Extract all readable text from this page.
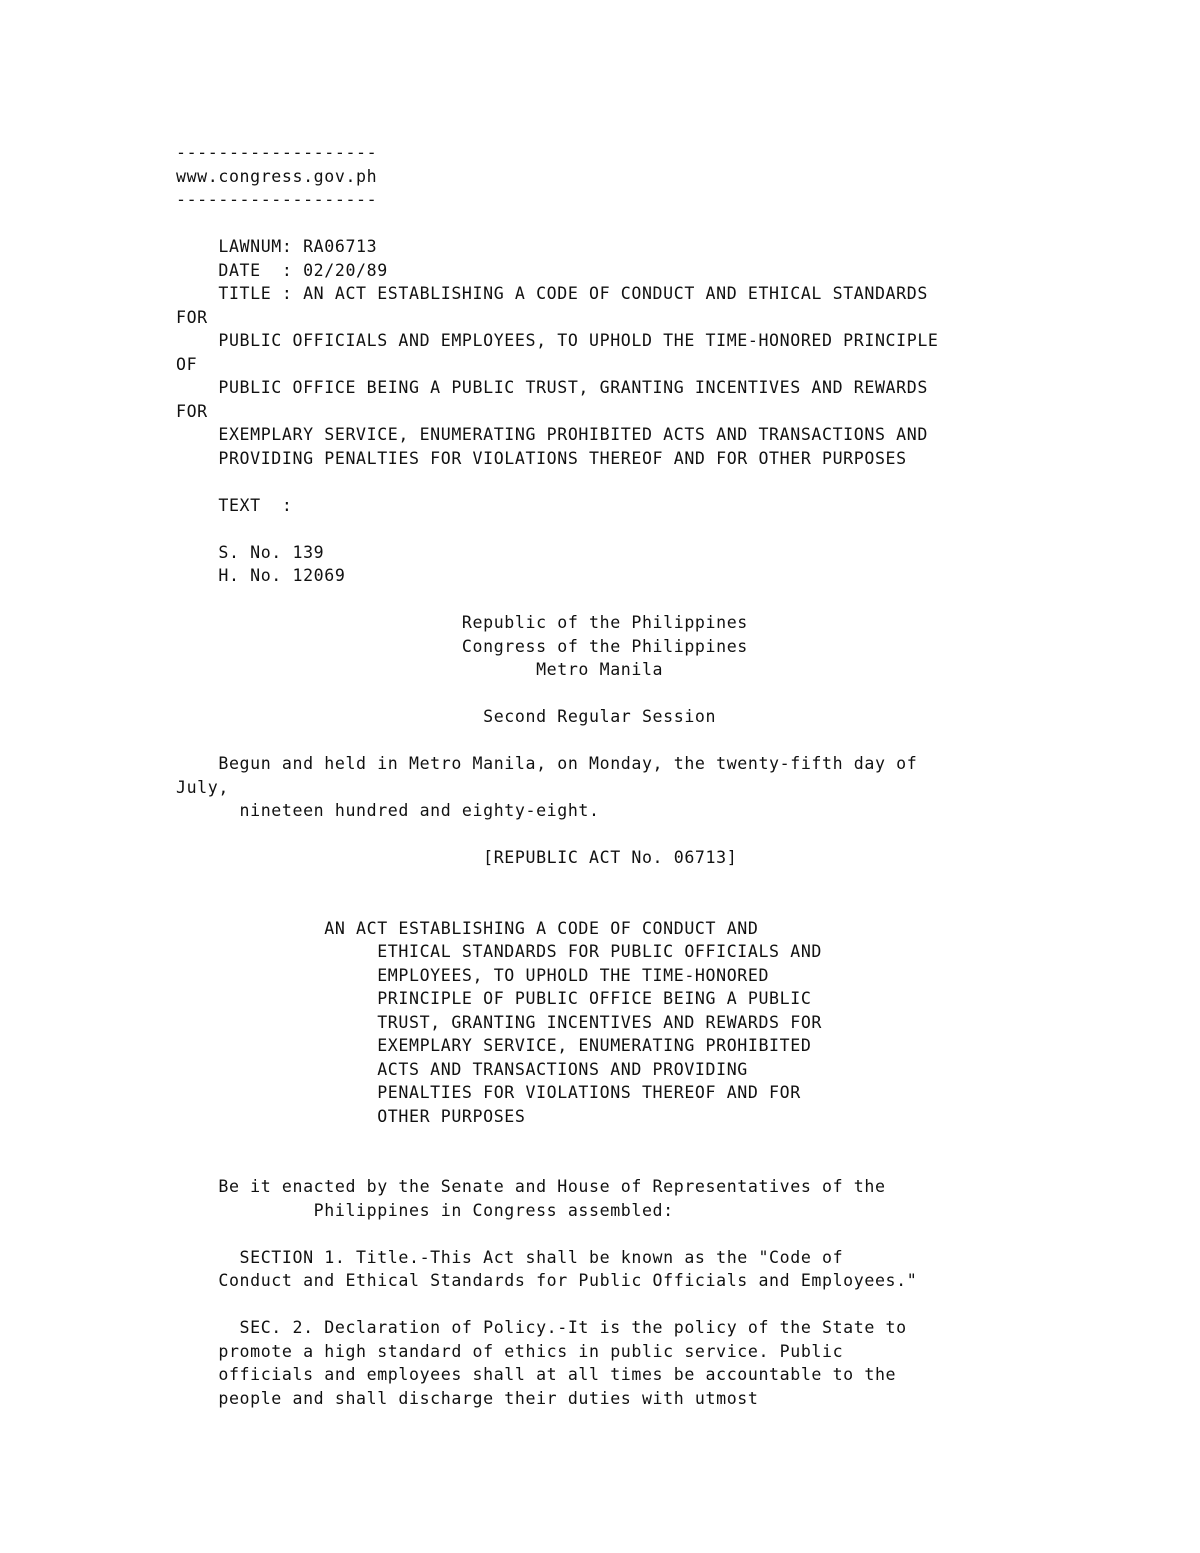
-------------------
www.congress.gov.ph
-------------------
LAWNUM: RA06713
DATE  : 02/20/89
TITLE : AN ACT ESTABLISHING A CODE OF CONDUCT AND ETHICAL STANDARDS
FOR
PUBLIC OFFICIALS AND EMPLOYEES, TO UPHOLD THE TIME-HONORED PRINCIPLE
OF
PUBLIC OFFICE BEING A PUBLIC TRUST, GRANTING INCENTIVES AND REWARDS
FOR
EXEMPLARY SERVICE, ENUMERATING PROHIBITED ACTS AND TRANSACTIONS AND
PROVIDING PENALTIES FOR VIOLATIONS THEREOF AND FOR OTHER PURPOSES
TEXT  :
S. No. 139
H. No. 12069
Republic of the Philippines
Congress of the Philippines
Metro Manila
Second Regular Session
Begun and held in Metro Manila, on Monday, the twenty-fifth day of
July,
nineteen hundred and eighty-eight.
[REPUBLIC ACT No. 06713]
AN ACT ESTABLISHING A CODE OF CONDUCT AND
ETHICAL STANDARDS FOR PUBLIC OFFICIALS AND
EMPLOYEES, TO UPHOLD THE TIME-HONORED
PRINCIPLE OF PUBLIC OFFICE BEING A PUBLIC
TRUST, GRANTING INCENTIVES AND REWARDS FOR
EXEMPLARY SERVICE, ENUMERATING PROHIBITED
ACTS AND TRANSACTIONS AND PROVIDING
PENALTIES FOR VIOLATIONS THEREOF AND FOR
OTHER PURPOSES
Be it enacted by the Senate and House of Representatives of the
Philippines in Congress assembled:
SECTION 1. Title.-This Act shall be known as the "Code of
Conduct and Ethical Standards for Public Officials and Employees."
SEC. 2. Declaration of Policy.-It is the policy of the State to
promote a high standard of ethics in public service. Public
officials and employees shall at all times be accountable to the
people and shall discharge their duties with utmost
